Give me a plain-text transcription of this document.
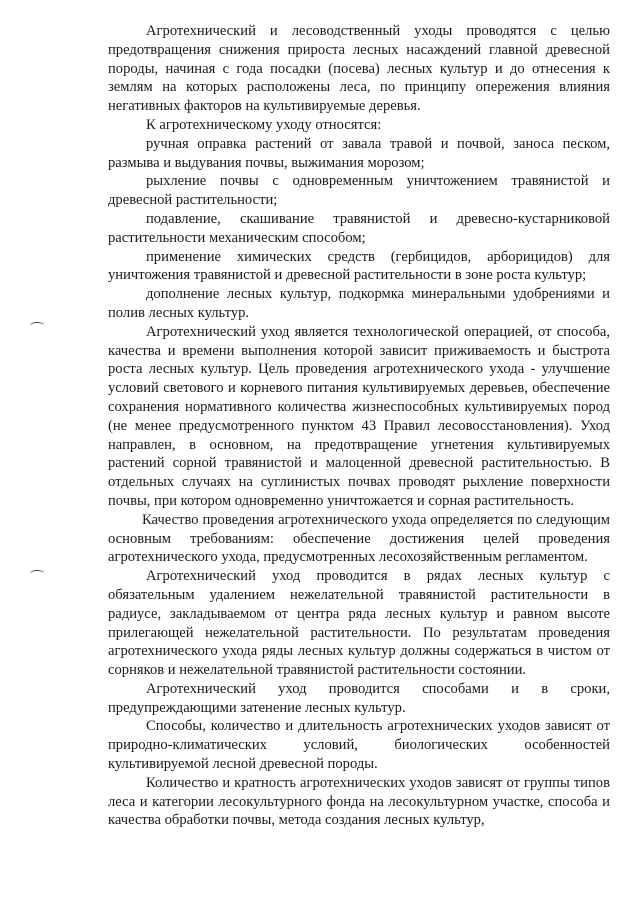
Агротехнический и лесоводственный уходы проводятся с целью предотвращения снижения прироста лесных насаждений главной древесной породы, начиная с года посадки (посева) лесных культур и до отнесения к землям на которых расположены леса, по принципу опережения влияния негативных факторов на культивируемые деревья.

К агротехническому уходу относятся:

ручная оправка растений от завала травой и почвой, заноса песком, размыва и выдувания почвы, выжимания морозом;

рыхление почвы с одновременным уничтожением травянистой и древесной растительности;

подавление, скашивание травянистой и древесно-кустарниковой растительности механическим способом;

применение химических средств (гербицидов, арборицидов) для уничтожения травянистой и древесной растительности в зоне роста культур;

дополнение лесных культур, подкормка минеральными удобрениями и полив лесных культур.

Агротехнический уход является технологической операцией, от способа, качества и времени выполнения которой зависит приживаемость и быстрота роста лесных культур. Цель проведения агротехнического ухода - улучшение условий светового и корневого питания культивируемых деревьев, обеспечение сохранения нормативного количества жизнеспособных культивируемых пород (не менее предусмотренного пунктом 43 Правил лесовосстановления). Уход направлен, в основном, на предотвращение угнетения культивируемых растений сорной травянистой и малоценной древесной растительностью. В отдельных случаях на суглинистых почвах проводят рыхление поверхности почвы, при котором одновременно уничтожается и сорная растительность.

Качество проведения агротехнического ухода определяется по следующим основным требованиям: обеспечение достижения целей проведения агротехнического ухода, предусмотренных лесохозяйственным регламентом.

Агротехнический уход проводится в рядах лесных культур с обязательным удалением нежелательной травянистой растительности в радиусе, закладываемом от центра ряда лесных культур и равном высоте прилегающей нежелательной растительности. По результатам проведения агротехнического ухода ряды лесных культур должны содержаться в чистом от сорняков и нежелательной травянистой растительности состоянии.

Агротехнический уход проводится способами и в сроки, предупреждающими затенение лесных культур.

Способы, количество и длительность агротехнических уходов зависят от природно-климатических условий, биологических особенностей культивируемой лесной древесной породы.

Количество и кратность агротехнических уходов зависят от группы типов леса и категории лесокультурного фонда на лесокультурном участке, способа и качества обработки почвы, метода создания лесных культур,
